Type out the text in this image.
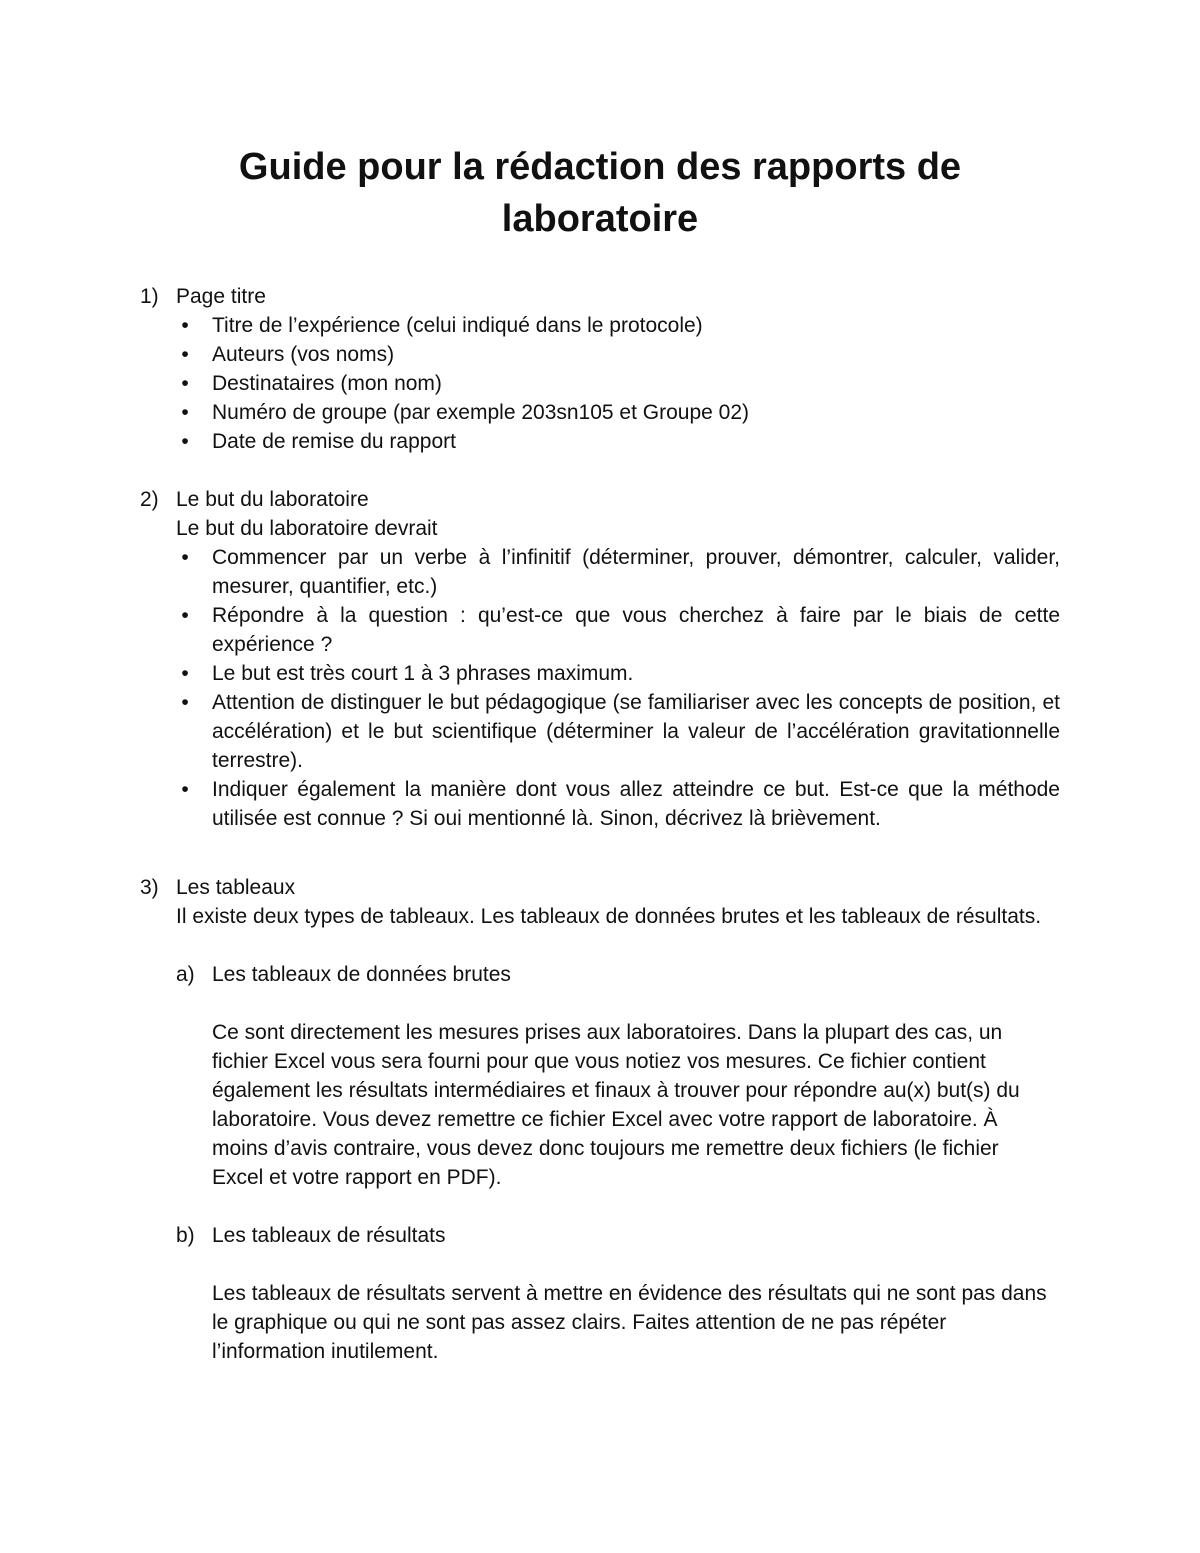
Guide pour la rédaction des rapports de laboratoire
1) Page titre
•	Titre de l’expérience (celui indiqué dans le protocole)
•	Auteurs (vos noms)
•	Destinataires (mon nom)
•	Numéro de groupe (par exemple 203sn105 et Groupe 02)
•	Date de remise du rapport
2) Le but du laboratoire
Le but du laboratoire devrait
•	Commencer par un verbe à l’infinitif (déterminer, prouver, démontrer, calculer, valider, mesurer, quantifier, etc.)
•	Répondre à la question : qu’est-ce que vous cherchez à faire par le biais de cette expérience ?
•	Le but est très court 1 à 3 phrases maximum.
•	Attention de distinguer le but pédagogique (se familiariser avec les concepts de position, et accélération) et le but scientifique (déterminer la valeur de l’accélération gravitationnelle terrestre).
•	Indiquer également la manière dont vous allez atteindre ce but. Est-ce que la méthode utilisée est connue ? Si oui mentionné là. Sinon, décrivez là brièvement.
3) Les tableaux
Il existe deux types de tableaux. Les tableaux de données brutes et les tableaux de résultats.
a) Les tableaux de données brutes

Ce sont directement les mesures prises aux laboratoires. Dans la plupart des cas, un fichier Excel vous sera fourni pour que vous notiez vos mesures. Ce fichier contient également les résultats intermédiaires et finaux à trouver pour répondre au(x) but(s) du laboratoire. Vous devez remettre ce fichier Excel avec votre rapport de laboratoire. À moins d’avis contraire, vous devez donc toujours me remettre deux fichiers (le fichier Excel et votre rapport en PDF).

b) Les tableaux de résultats

Les tableaux de résultats servent à mettre en évidence des résultats qui ne sont pas dans le graphique ou qui ne sont pas assez clairs. Faites attention de ne pas répéter l’information inutilement.
